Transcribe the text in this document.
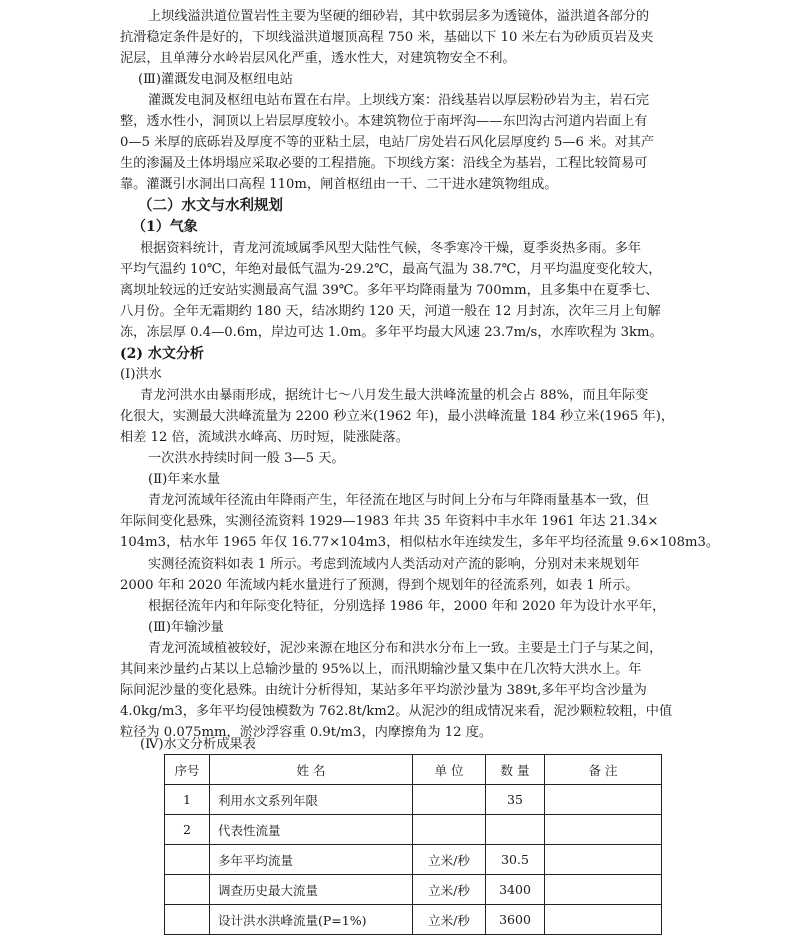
上坝线溢洪道位置岩性主要为坚硬的细砂岩，其中软弱层多为透镜体，溢洪道各部分的
抗滑稳定条件是好的，下坝线溢洪道堰顶高程 750 米，基础以下 10 米左右为砂质页岩及夹
泥层，且单薄分水岭岩层风化严重，透水性大，对建筑物安全不利。
(Ⅲ)灌溉发电洞及枢纽电站
灌溉发电洞及枢纽电站布置在右岸。上坝线方案：沿线基岩以厚层粉砂岩为主，岩石完
整，透水性小，洞顶以上岩层厚度较小。本建筑物位于南坪沟——东凹沟古河道内岩面上有
0—5 米厚的底砾岩及厚度不等的亚粘土层，电站厂房处岩石风化层厚度约 5—6 米。对其产
生的渗漏及土体坍塌应采取必要的工程措施。下坝线方案：沿线全为基岩，工程比较简易可
靠。灌溉引水洞出口高程 110m，闸首枢纽由一干、二干进水建筑物组成。
（二）水文与水利规划
（1）气象
根据资料统计，青龙河流域属季风型大陆性气候，冬季寒冷干燥，夏季炎热多雨。多年
平均气温约 10℃，年绝对最低气温为-29.2℃，最高气温为 38.7℃，月平均温度变化较大，
离坝址较远的迁安站实测最高气温 39℃。多年平均降雨量为 700mm，且多集中在夏季七、
八月份。全年无霜期约 180 天，结冰期约 120 天，河道一般在 12 月封冻，次年三月上旬解
冻，冻层厚 0.4—0.6m，岸边可达 1.0m。多年平均最大风速 23.7m/s，水库吹程为 3km。
(2) 水文分析
(Ⅰ)洪水
青龙河洪水由暴雨形成，据统计七～八月发生最大洪峰流量的机会占 88%，而且年际变
化很大，实测最大洪峰流量为 2200 秒立米(1962 年)，最小洪峰流量 184 秒立米(1965 年)，
相差 12 倍，流域洪水峰高、历时短，陡涨陡落。
一次洪水持续时间一般 3—5 天。
(Ⅱ)年来水量
青龙河流域年径流由年降雨产生，年径流在地区与时间上分布与年降雨量基本一致，但
年际间变化悬殊，实测径流资料 1929—1983 年共 35 年资料中丰水年 1961 年达 21.34×
104m3，枯水年 1965 年仅 16.77×104m3，相似枯水年连续发生，多年平均径流量 9.6×108m3。
实测径流资料如表 1 所示。考虑到流域内人类活动对产流的影响，分别对未来规划年
2000 年和 2020 年流域内耗水量进行了预测，得到个规划年的径流系列，如表 1 所示。
根据径流年内和年际变化特征，分别选择 1986 年，2000 年和 2020 年为设计水平年，
(Ⅲ)年输沙量
青龙河流域植被较好，泥沙来源在地区分布和洪水分布上一致。主要是土门子与某之间，
其间来沙量约占某以上总输沙量的 95%以上，而汛期输沙量又集中在几次特大洪水上。年
际间泥沙量的变化悬殊。由统计分析得知，某站多年平均淤沙量为 389t,多年平均含沙量为
4.0kg/m3，多年平均侵蚀模数为 762.8t/km2。从泥沙的组成情况来看，泥沙颗粒较粗，中值
粒径为 0.075mm，淤沙浮容重 0.9t/m3，内摩擦角为 12 度。
(Ⅳ)水文分析成果表
序号	姓 名	单 位	数 量	备 注
1	利用水文系列年限		35	
2	代表性流量			
	多年平均流量	立米/秒	30.5	
	调查历史最大流量	立米/秒	3400	
	设计洪水洪峰流量(P=1%)	立米/秒	3600	
